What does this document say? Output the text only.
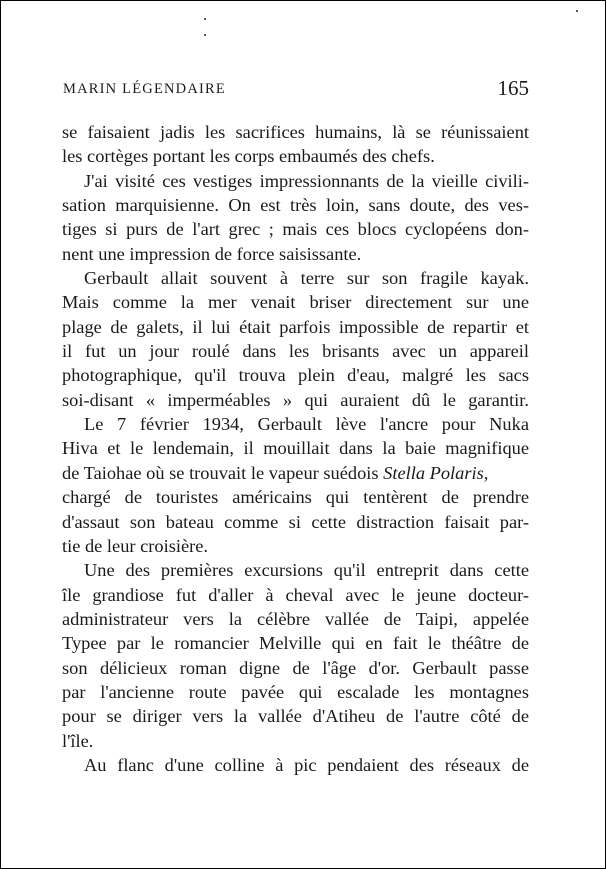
MARIN LÉGENDAIRE	165
se faisaient jadis les sacrifices humains, là se réunissaient
les cortèges portant les corps embaumés des chefs.
J'ai visité ces vestiges impressionnants de la vieille civili-
sation marquisienne. On est très loin, sans doute, des ves-
tiges si purs de l'art grec ; mais ces blocs cyclopéens don-
nent une impression de force saisissante.
Gerbault allait souvent à terre sur son fragile kayak.
Mais comme la mer venait briser directement sur une
plage de galets, il lui était parfois impossible de repartir et
il fut un jour roulé dans les brisants avec un appareil
photographique, qu'il trouva plein d'eau, malgré les sacs
soi-disant « imperméables » qui auraient dû le garantir.
Le 7 février 1934, Gerbault lève l'ancre pour Nuka
Hiva et le lendemain, il mouillait dans la baie magnifique
de Taiohae où se trouvait le vapeur suédois Stella Polaris,
chargé de touristes américains qui tentèrent de prendre
d'assaut son bateau comme si cette distraction faisait par-
tie de leur croisière.
Une des premières excursions qu'il entreprit dans cette
île grandiose fut d'aller à cheval avec le jeune docteur-
administrateur vers la célèbre vallée de Taipi, appelée
Typee par le romancier Melville qui en fait le théâtre de
son délicieux roman digne de l'âge d'or. Gerbault passe
par l'ancienne route pavée qui escalade les montagnes
pour se diriger vers la vallée d'Atiheu de l'autre côté de
l'île.
Au flanc d'une colline à pic pendaient des réseaux de
